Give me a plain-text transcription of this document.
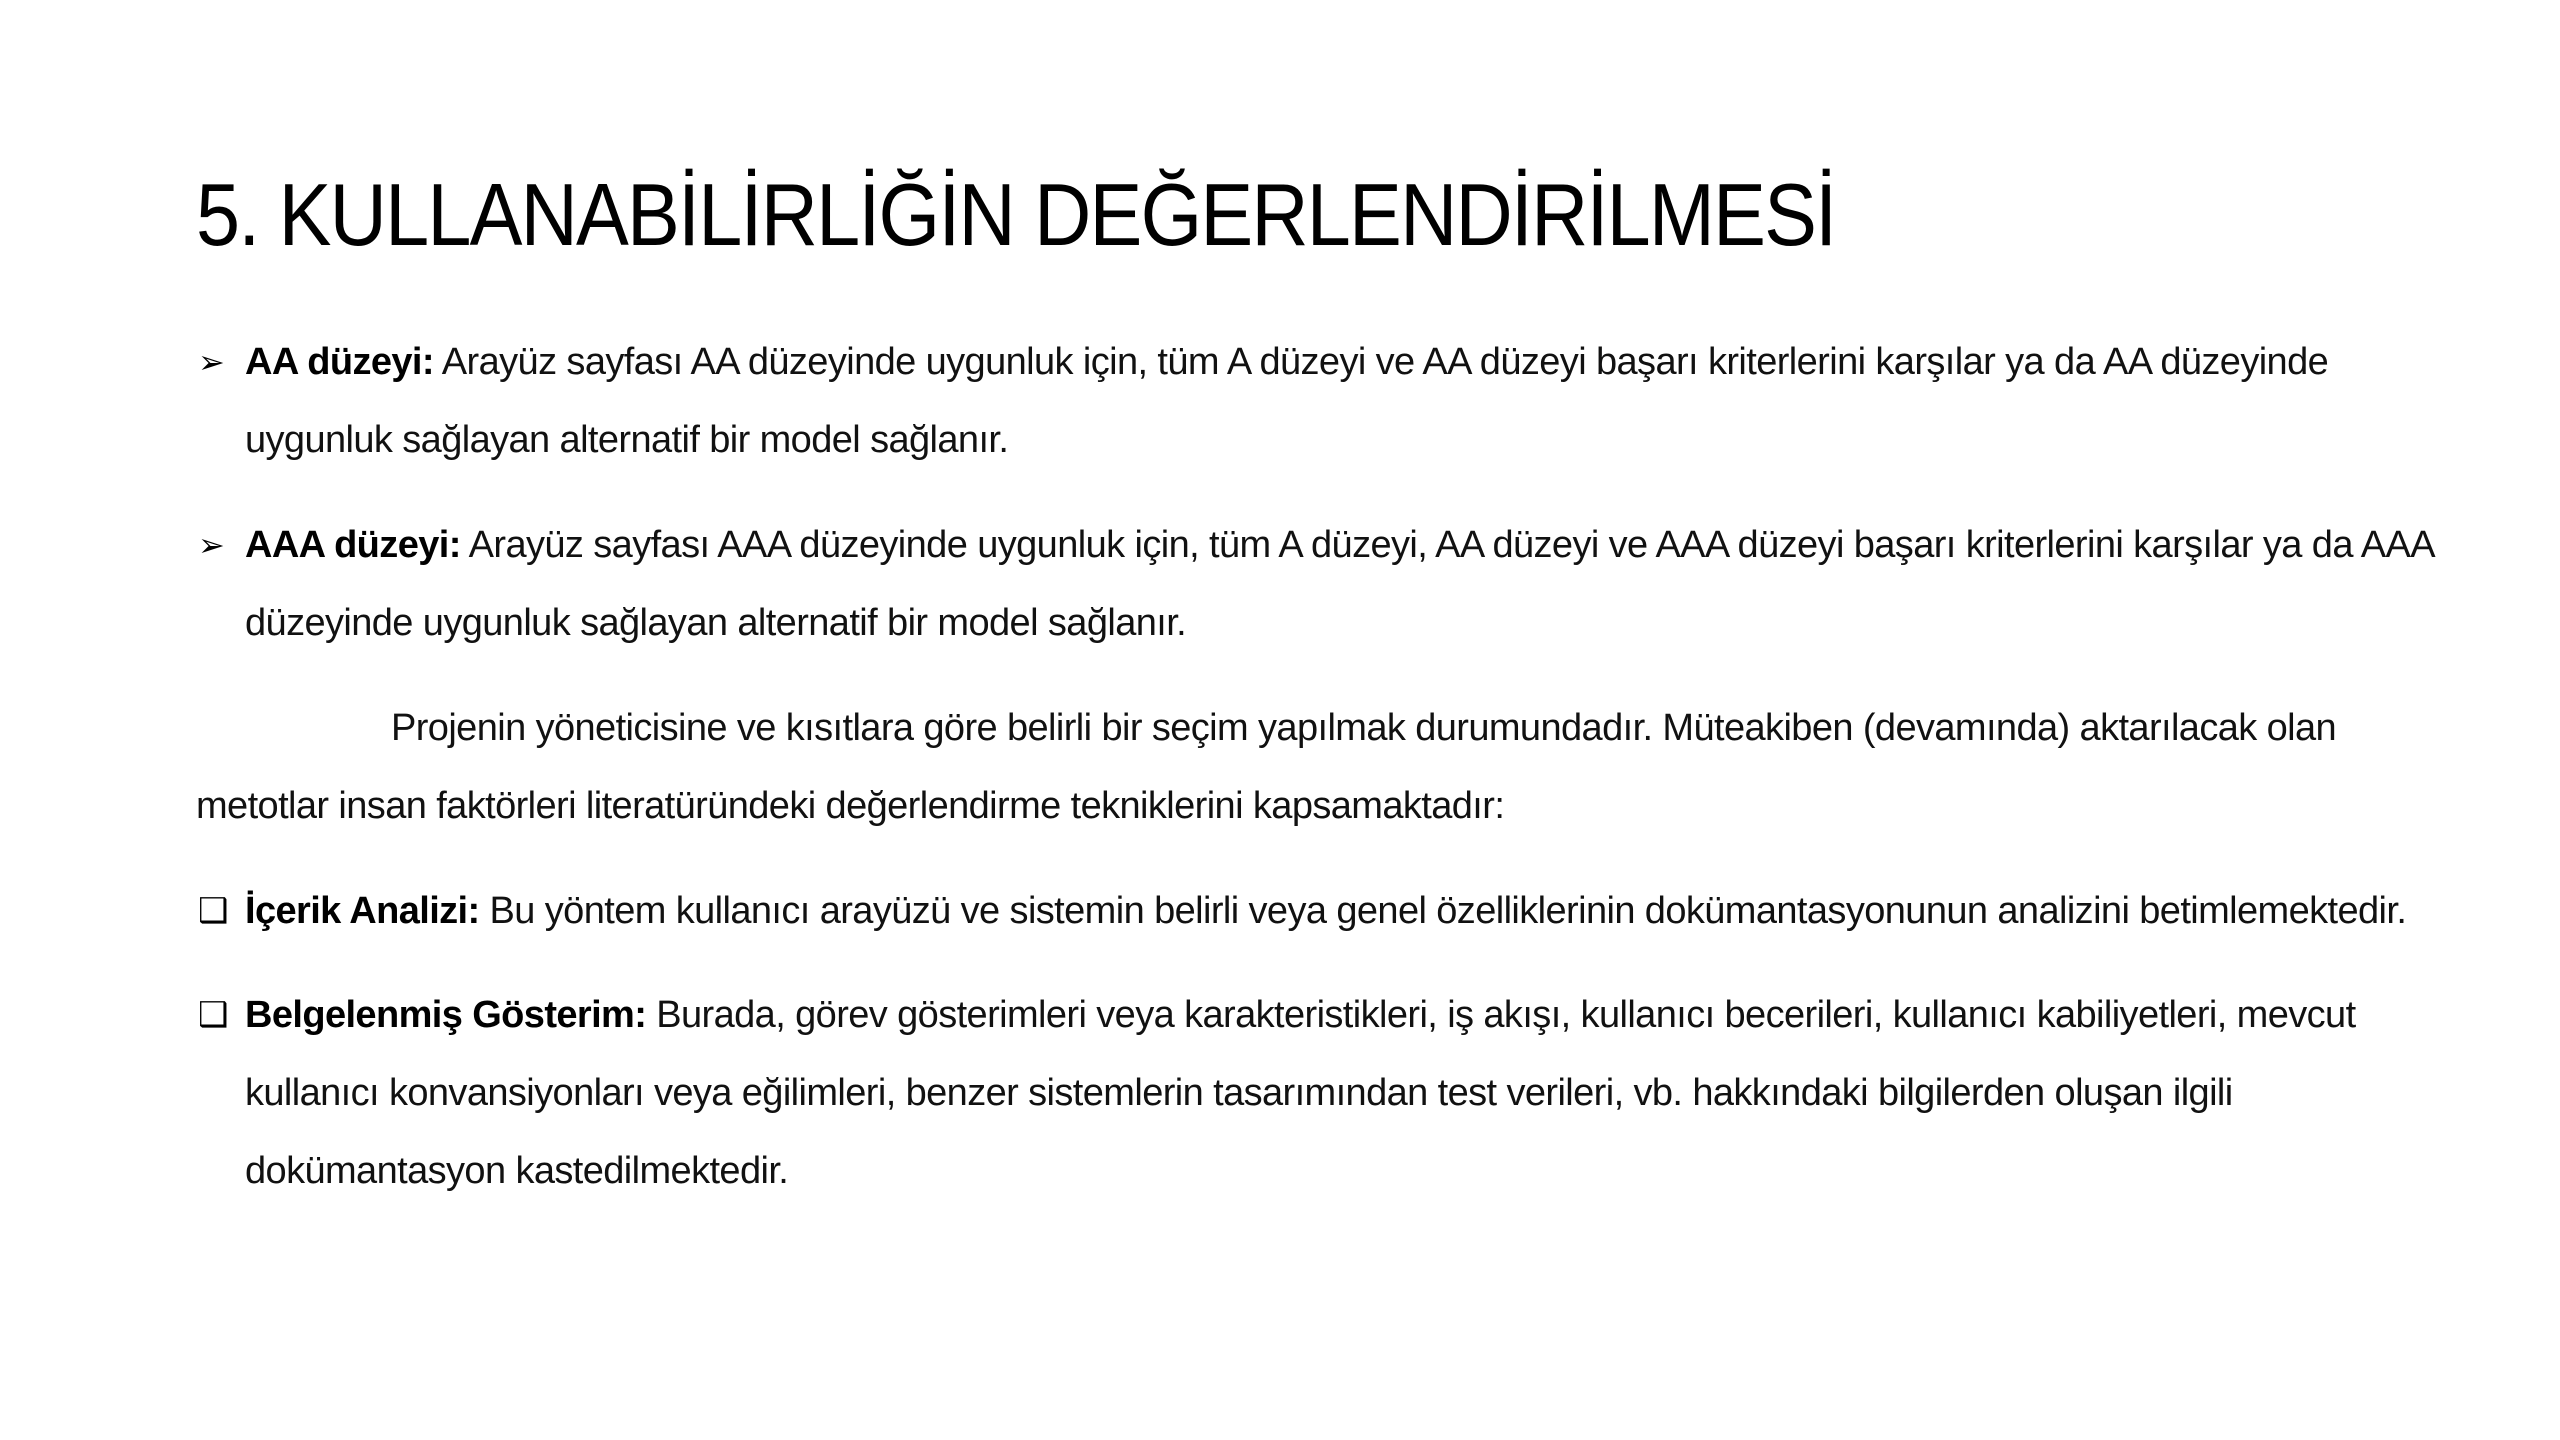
5. KULLANABİLİRLİĞİN DEĞERLENDİRİLMESİ
➢ AA düzeyi: Arayüz sayfası AA düzeyinde uygunluk için, tüm A düzeyi ve AA düzeyi başarı kriterlerini karşılar ya da AA düzeyinde
uygunluk sağlayan alternatif bir model sağlanır.
➢ AAA düzeyi: Arayüz sayfası AAA düzeyinde uygunluk için, tüm A düzeyi, AA düzeyi ve AAA düzeyi başarı kriterlerini karşılar ya da AAA
düzeyinde uygunluk sağlayan alternatif bir model sağlanır.
Projenin yöneticisine ve kısıtlara göre belirli bir seçim yapılmak durumundadır. Müteakiben (devamında) aktarılacak olan
metotlar insan faktörleri literatüründeki değerlendirme tekniklerini kapsamaktadır:
❑ İçerik Analizi: Bu yöntem kullanıcı arayüzü ve sistemin belirli veya genel özelliklerinin dokümantasyonunun analizini betimlemektedir.
❑ Belgelenmiş Gösterim: Burada, görev gösterimleri veya karakteristikleri, iş akışı, kullanıcı becerileri, kullanıcı kabiliyetleri, mevcut
kullanıcı konvansiyonları veya eğilimleri, benzer sistemlerin tasarımından test verileri, vb. hakkındaki bilgilerden oluşan ilgili
dokümantasyon kastedilmektedir.
